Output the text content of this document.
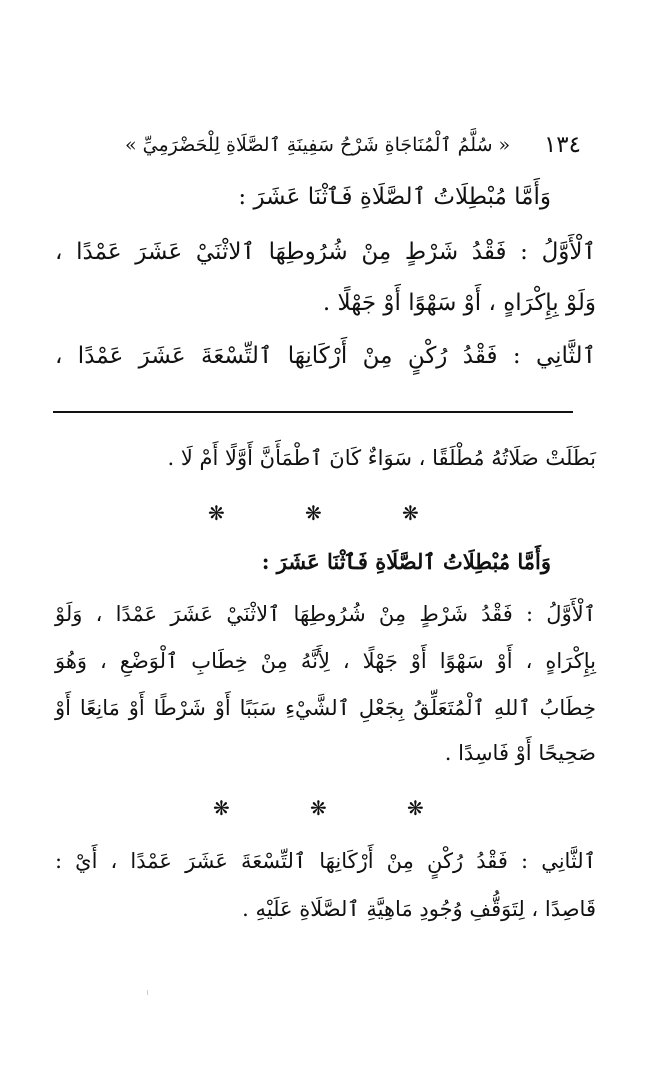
١٣٤
« سُلَّمُ ٱلْمُنَاجَاةِ شَرْحُ سَفِينَةِ ٱلصَّلَاةِ لِلْحَضْرَمِيِّ »
وَأَمَّا مُبْطِلَاتُ ٱلصَّلَاةِ فَٱثْنَا عَشَرَ :
ٱلْأَوَّلُ : فَقْدُ شَرْطٍ مِنْ شُرُوطِهَا ٱلاثْنَيْ عَشَرَ عَمْدًا ،
وَلَوْ بِإِكْرَاهٍ ، أَوْ سَهْوًا أَوْ جَهْلًا .
ٱلثَّانِي : فَقْدُ رُكْنٍ مِنْ أَرْكَانِهَا ٱلتِّسْعَةَ عَشَرَ عَمْدًا ،
بَطَلَتْ صَلَاتُهُ مُطْلَقًا ، سَوَاءٌ كَانَ ٱطْمَأَنَّ أَوَّلًا أَمْ لَا .
❋	❋	❋
وَأَمَّا مُبْطِلَاتُ ٱلصَّلَاةِ فَٱثْنَا عَشَرَ :
ٱلْأَوَّلُ : فَقْدُ شَرْطٍ مِنْ شُرُوطِهَا ٱلاثْنَيْ عَشَرَ عَمْدًا ، وَلَوْ
بِإِكْرَاهٍ ، أَوْ سَهْوًا أَوْ جَهْلًا ، لِأَنَّهُ مِنْ خِطَابِ ٱلْوَضْعِ ، وَهُوَ
خِطَابُ ٱللهِ ٱلْمُتَعَلِّقُ بِجَعْلِ ٱلشَّيْءِ سَبَبًا أَوْ شَرْطًا أَوْ مَانِعًا أَوْ
صَحِيحًا أَوْ فَاسِدًا .
❋	❋	❋
ٱلثَّانِي : فَقْدُ رُكْنٍ مِنْ أَرْكَانِهَا ٱلتِّسْعَةَ عَشَرَ عَمْدًا ، أَيْ :
قَاصِدًا ، لِتَوَقُّفِ وُجُودِ مَاهِيَّةِ ٱلصَّلَاةِ عَلَيْهِ .
